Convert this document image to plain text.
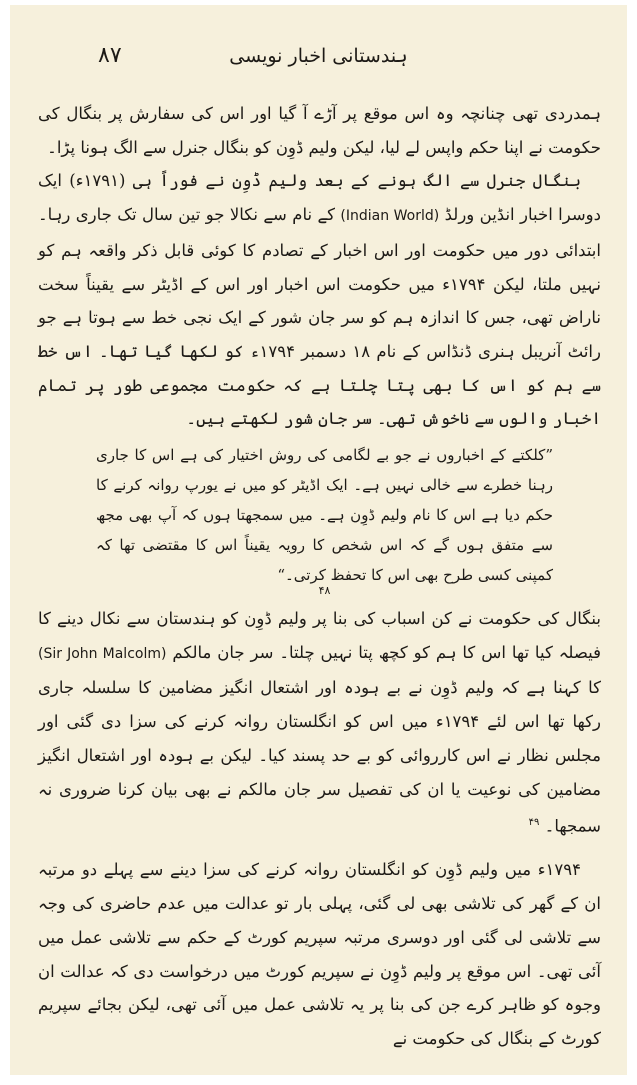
۸۷	ہندستانی اخبار نویسی

ہمدردی تھی چنانچہ وہ اس موقع پر آڑے آ گیا اور اس کی سفارش پر بنگال کی حکومت نے اپنا حکم واپس لے لیا، لیکن ولیم ڈوِن کو بنگال جنرل سے الگ ہونا پڑا۔

بنگال جنرل سے الگ ہونے کے بعد ولیم ڈوِن نے فوراً ہی (۱۷۹۱ء) ایک دوسرا اخبار انڈین ورلڈ (Indian World) کے نام سے نکالا جو تین سال تک جاری رہا۔ ابتدائی دور میں حکومت اور اس اخبار کے تصادم کا کوئی قابل ذکر واقعہ ہم کو نہیں ملتا، لیکن ۱۷۹۴ء میں حکومت اس اخبار اور اس کے اڈیٹر سے یقیناً سخت ناراض تھی، جس کا اندازہ ہم کو سر جان شور کے ایک نجی خط سے ہوتا ہے جو رائٹ آنریبل ہنری ڈنڈاس کے نام ۱۸ دسمبر ۱۷۹۴ء کو لکھا گیا تھا۔ اس خط سے ہم کو اس کا بھی پتا چلتا ہے کہ حکومت مجموعی طور پر تمام اخبار والوں سے ناخوش تھی۔ سر جان شور لکھتے ہیں۔

”کلکتے کے اخباروں نے جو بے لگامی کی روش اختیار کی ہے اس کا جاری رہنا خطرے سے خالی نہیں ہے۔ ایک اڈیٹر کو میں نے یورپ روانہ کرنے کا حکم دیا ہے اس کا نام ولیم ڈوِن ہے۔ میں سمجھتا ہوں کہ آپ بھی مجھ سے متفق ہوں گے کہ اس شخص کا رویہ یقیناً اس کا مقتضی تھا کہ کمپنی کسی طرح بھی اس کا تحفظ کرتی۔“

۴۸

بنگال کی حکومت نے کن اسباب کی بنا پر ولیم ڈوِن کو ہندستان سے نکال دینے کا فیصلہ کیا تھا اس کا ہم کو کچھ پتا نہیں چلتا۔ سر جان مالکم (Sir John Malcolm) کا کہنا ہے کہ ولیم ڈوِن نے بے ہودہ اور اشتعال انگیز مضامین کا سلسلہ جاری رکھا تھا اس لئے ۱۷۹۴ء میں اس کو انگلستان روانہ کرنے کی سزا دی گئی اور مجلس نظار نے اس کارروائی کو بے حد پسند کیا۔ لیکن بے ہودہ اور اشتعال انگیز مضامین کی نوعیت یا ان کی تفصیل سر جان مالکم نے بھی بیان کرنا ضروری نہ سمجھا۔ $^{۴۹}$

۱۷۹۴ء میں ولیم ڈوِن کو انگلستان روانہ کرنے کی سزا دینے سے پہلے دو مرتبہ ان کے گھر کی تلاشی بھی لی گئی، پہلی بار تو عدالت میں عدم حاضری کی وجہ سے تلاشی لی گئی اور دوسری مرتبہ سپریم کورٹ کے حکم سے تلاشی عمل میں آئی تھی۔ اس موقع پر ولیم ڈوِن نے سپریم کورٹ میں درخواست دی کہ عدالت ان وجوہ کو ظاہر کرے جن کی بنا پر یہ تلاشی عمل میں آئی تھی، لیکن بجائے سپریم کورٹ کے بنگال کی حکومت نے
